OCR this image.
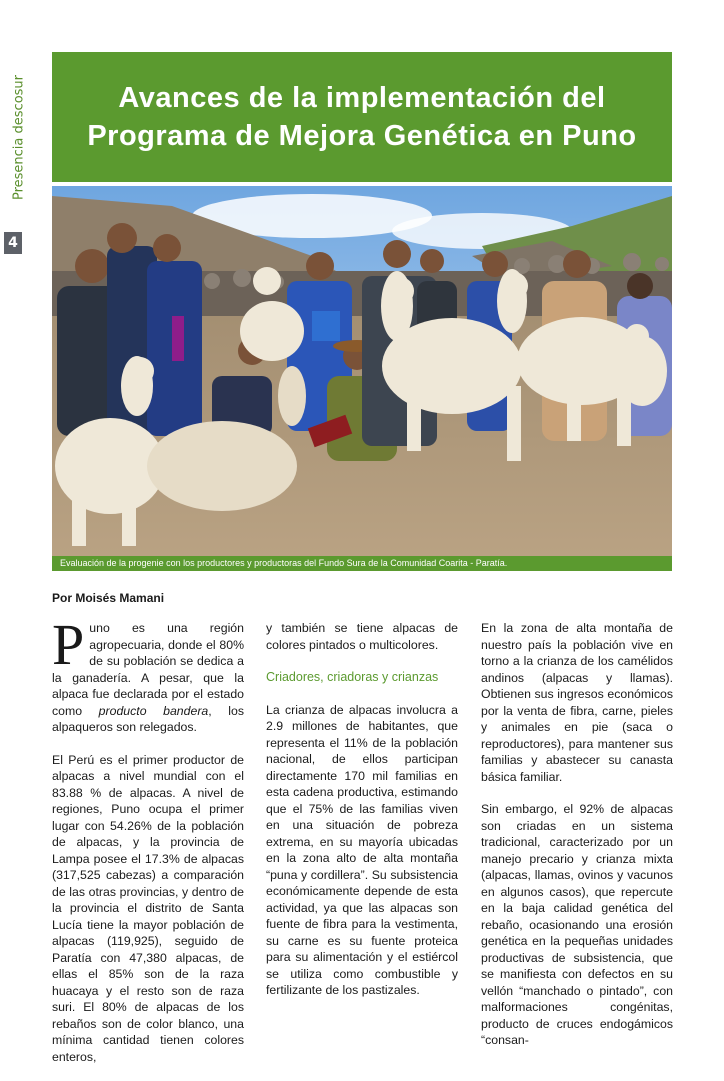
Presencia descosur
4
Avances de la implementación del Programa de Mejora Genética en Puno
Evaluación de la progenie con los productores y productoras del Fundo Sura de la Comunidad Coarita - Paratía.
Por Moisés Mamani

Puno es una región agropecuaria, donde el 80% de su población se dedica a la ganadería. A pesar, que la alpaca fue declarada por el estado como producto bandera, los alpaqueros son relegados.

El Perú es el primer productor de alpacas a nivel mundial con el 83.88 % de alpacas. A nivel de regiones, Puno ocupa el primer lugar con 54.26% de la población de alpacas, y la provincia de Lampa posee el 17.3% de alpacas (317,525 cabezas) a comparación de las otras provincias, y dentro de la provincia el distrito de Santa Lucía tiene la mayor población de alpacas (119,925), seguido de Paratía con 47,380 alpacas, de ellas el 85% son de la raza huacaya y el resto son de raza suri. El 80% de alpacas de los rebaños son de color blanco, una mínima cantidad tienen colores enteros,

y también se tiene alpacas de colores pintados o multicolores.

Criadores, criadoras y crianzas

La crianza de alpacas involucra a 2.9 millones de habitantes, que representa el 11% de la población nacional, de ellos participan directamente 170 mil familias en esta cadena productiva, estimando que el 75% de las familias viven en una situación de pobreza extrema, en su mayoría ubicadas en la zona alto de alta montaña “puna y cordillera”. Su subsistencia económicamente depende de esta actividad, ya que las alpacas son fuente de fibra para la vestimenta, su carne es su fuente proteica para su alimentación y el estiércol se utiliza como combustible y fertilizante de los pastizales.

En la zona de alta montaña de nuestro país la población vive en torno a la crianza de los camélidos andinos (alpacas y llamas). Obtienen sus ingresos económicos por la venta de fibra, carne, pieles y animales en pie (saca o reproductores), para mantener sus familias y abastecer su canasta básica familiar.

Sin embargo, el 92% de alpacas son criadas en un sistema tradicional, caracterizado por un manejo precario y crianza mixta (alpacas, llamas, ovinos y vacunos en algunos casos), que repercute en la baja calidad genética del rebaño, ocasionando una erosión genética en la pequeñas unidades productivas de subsistencia, que se manifiesta con defectos en su vellón “manchado o pintado”, con malformaciones congénitas, producto de cruces endogámicos “consan-
